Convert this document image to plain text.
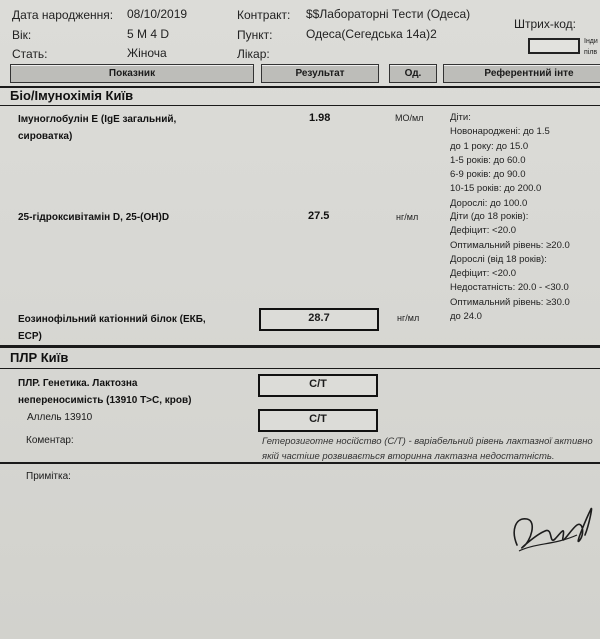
Дата народження: 08/10/2019
Вік:	5 M 4 D
Стать:	Жіноча
Контракт: $$Лабораторні Тести (Одеса)
Пункт:	Одеса(Сегедська 14а)2
Лікар:
Штрих-код:
Інди
пілв
Показник	Результат	Од.	Референтний інте
Біо/Імунохімія Київ
Імуноглобулін Е (IgE загальний,
сироватка)
1.98	МО/мл	Діти:
Новонароджені: до 1.5
до 1 року: до 15.0
1-5 років: до 60.0
6-9 років: до 90.0
10-15 років: до 200.0
Дорослі: до 100.0
25-гідроксивітамін D, 25-(OH)D	27.5	нг/мл	Діти (до 18 років):
Дефіцит: <20.0
Оптимальний рівень: ≥20.0
Дорослі (від 18 років):
Дефіцит: <20.0
Недостатність: 20.0 - <30.0
Оптимальний рівень: ≥30.0
Еозинофільний катіонний білок (ЕКБ,
ECP)
28.7	нг/мл	до 24.0
ПЛР Київ
ПЛР. Генетика. Лактозна
непереносимість (13910 T>C, кров)
C/T
Аллель 13910	C/T
Коментар:	Гетерозиготне носійство (С/Т) - варіабельний рівень лактазної активно
якій частіше розвивається вторинна лактазна недостатність.
Примітка:
